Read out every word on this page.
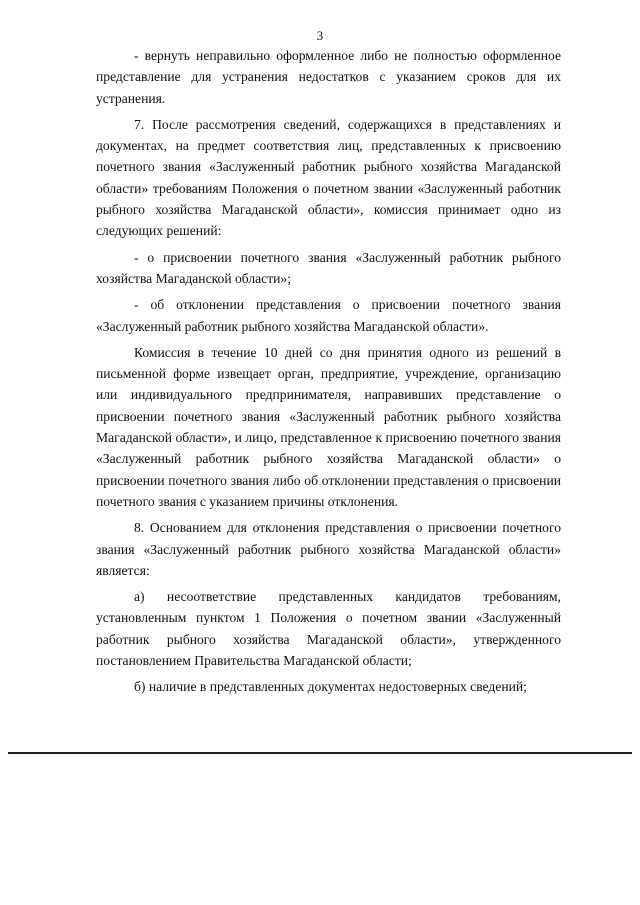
3

- вернуть неправильно оформленное либо не полностью оформленное представление для устранения недостатков с указанием сроков для их устранения.

7. После рассмотрения сведений, содержащихся в представлениях и документах, на предмет соответствия лиц, представленных к присвоению почетного звания «Заслуженный работник рыбного хозяйства Магаданской области» требованиям Положения о почетном звании «Заслуженный работник рыбного хозяйства Магаданской области», комиссия принимает одно из следующих решений:

- о присвоении почетного звания «Заслуженный работник рыбного хозяйства Магаданской области»;

- об отклонении представления о присвоении почетного звания «Заслуженный работник рыбного хозяйства Магаданской области».

Комиссия в течение 10 дней со дня принятия одного из решений в письменной форме извещает орган, предприятие, учреждение, организацию или индивидуального предпринимателя, направивших представление о присвоении почетного звания «Заслуженный работник рыбного хозяйства Магаданской области», и лицо, представленное к присвоению почетного звания «Заслуженный работник рыбного хозяйства Магаданской области» о присвоении почетного звания либо об отклонении представления о присвоении почетного звания с указанием причины отклонения.

8. Основанием для отклонения представления о присвоении почетного звания «Заслуженный работник рыбного хозяйства Магаданской области» является:

а) несоответствие представленных кандидатов требованиям, установленным пунктом 1 Положения о почетном звании «Заслуженный работник рыбного хозяйства Магаданской области», утвержденного постановлением Правительства Магаданской области;

б) наличие в представленных документах недостоверных сведений;
